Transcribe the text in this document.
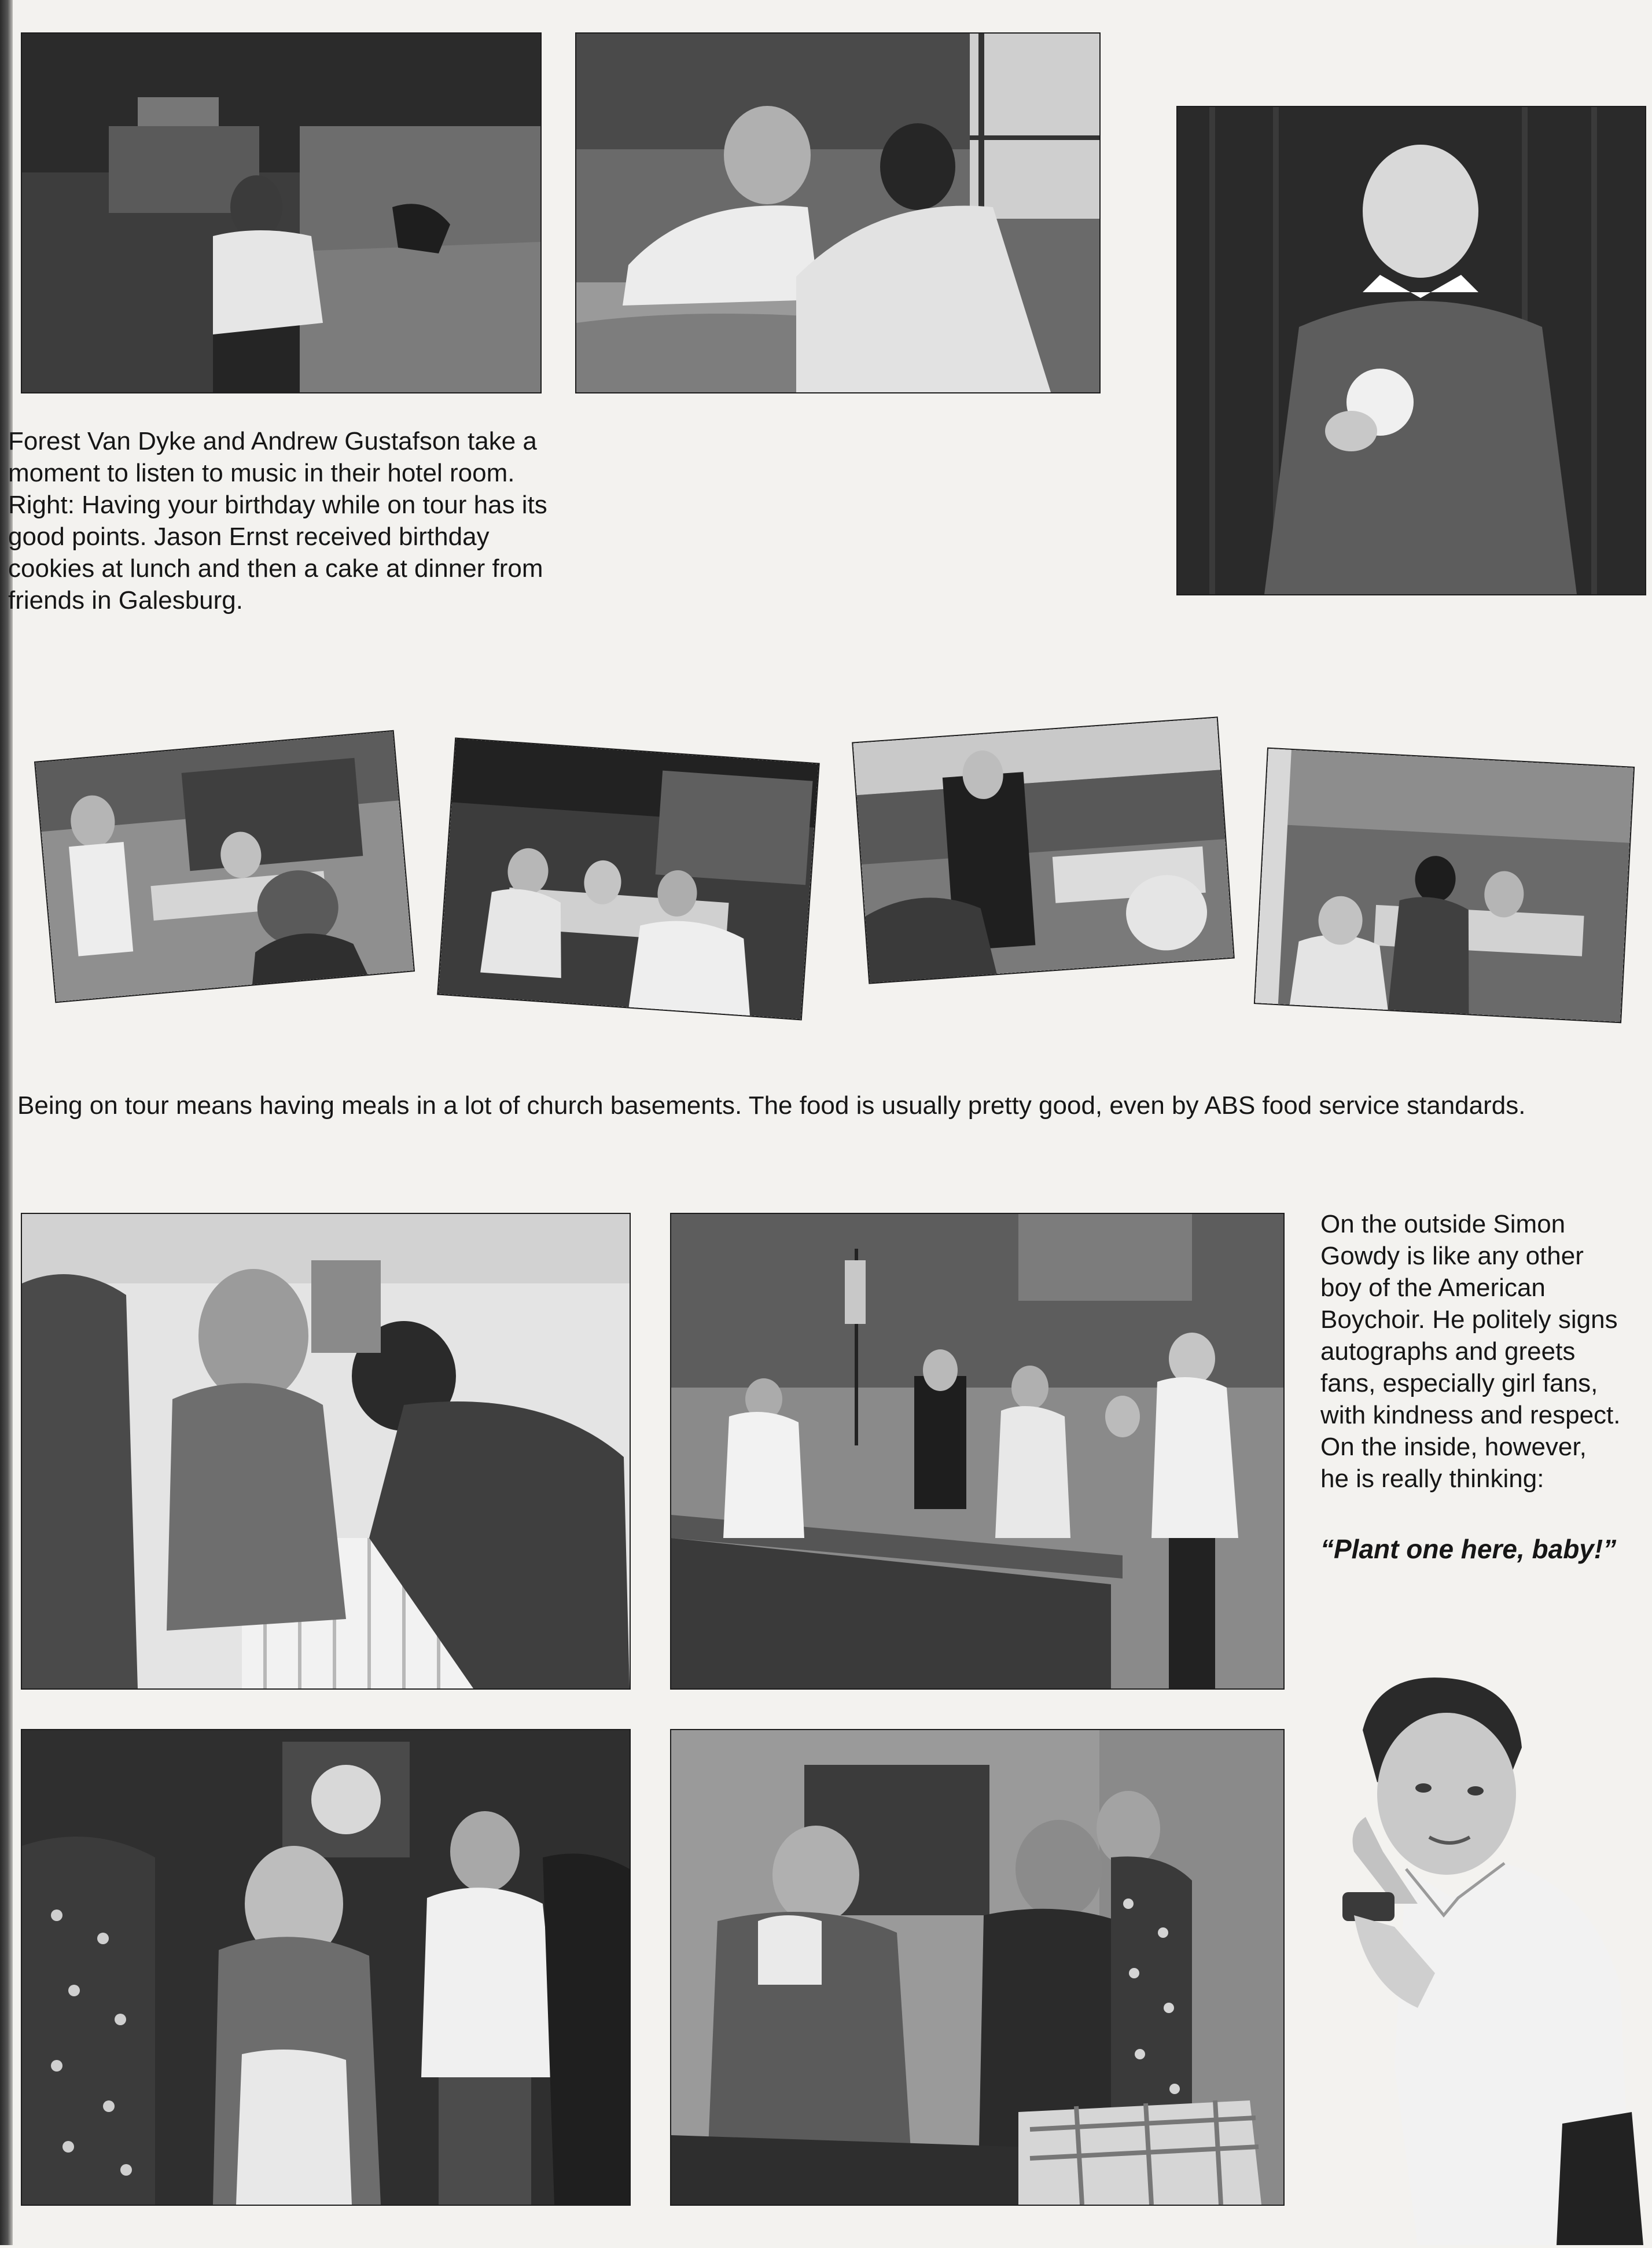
Forest Van Dyke and Andrew Gustafson take a moment to listen to music in their hotel room. Right: Having your birthday while on tour has its good points. Jason Ernst received birthday cookies at lunch and then a cake at dinner from friends in Galesburg.

Being on tour means having meals in a lot of church basements. The food is usually pretty good, even by ABS food service standards.

On the outside Simon Gowdy is like any other boy of the American Boychoir. He politely signs autographs and greets fans, especially girl fans, with kindness and respect. On the inside, however, he is really thinking:

“Plant one here, baby!”
